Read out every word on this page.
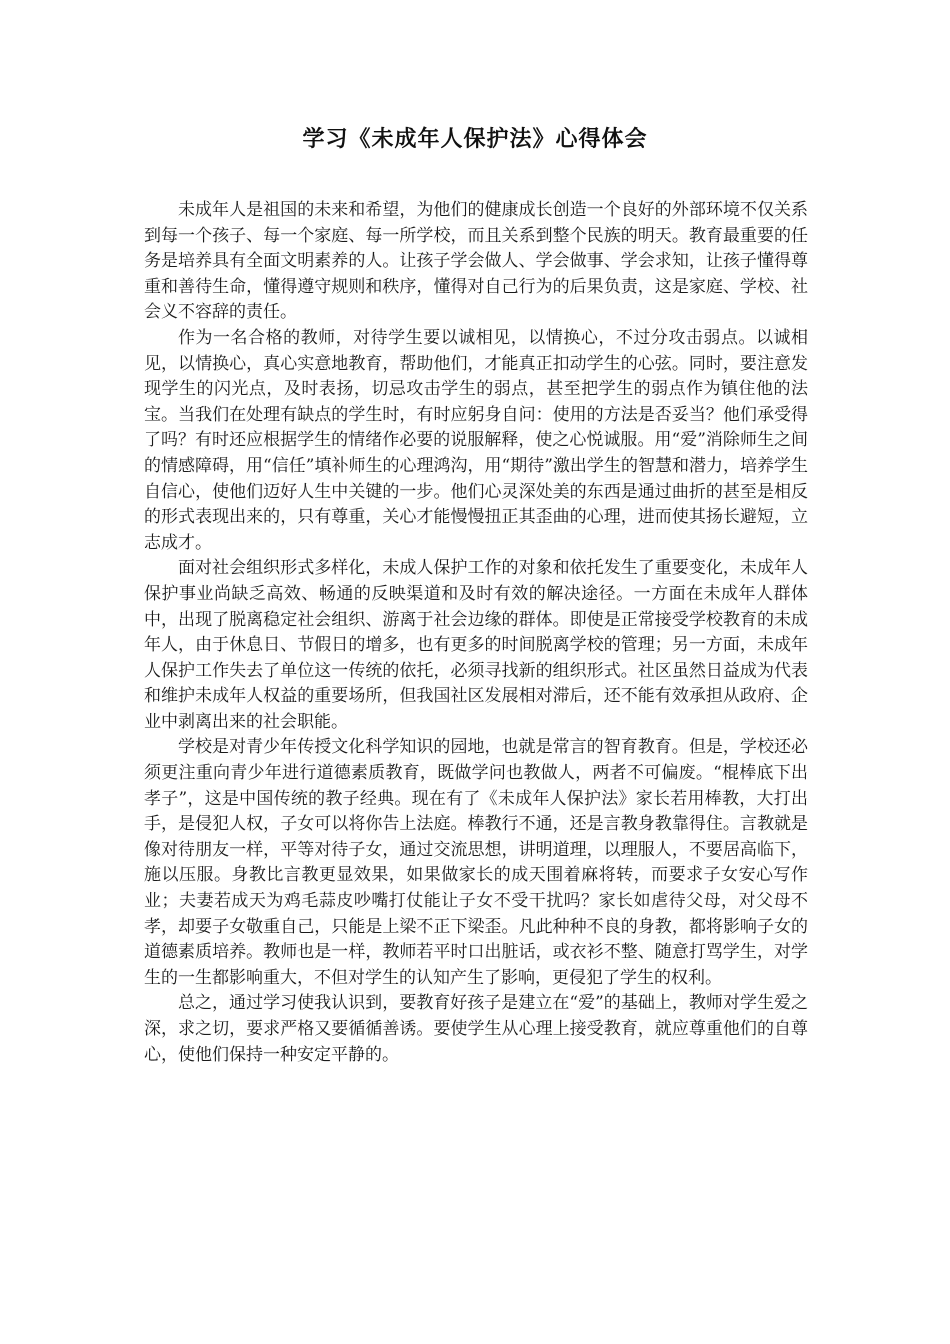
学习《未成年人保护法》心得体会

未成年人是祖国的未来和希望，为他们的健康成长创造一个良好的外部环境不仅关系到每一个孩子、每一个家庭、每一所学校，而且关系到整个民族的明天。教育最重要的任务是培养具有全面文明素养的人。让孩子学会做人、学会做事、学会求知，让孩子懂得尊重和善待生命，懂得遵守规则和秩序，懂得对自己行为的后果负责，这是家庭、学校、社会义不容辞的责任。

作为一名合格的教师，对待学生要以诚相见，以情换心，不过分攻击弱点。以诚相见，以情换心，真心实意地教育，帮助他们，才能真正扣动学生的心弦。同时，要注意发现学生的闪光点，及时表扬，切忌攻击学生的弱点，甚至把学生的弱点作为镇住他的法宝。当我们在处理有缺点的学生时，有时应躬身自问：使用的方法是否妥当？他们承受得了吗？有时还应根据学生的情绪作必要的说服解释，使之心悦诚服。用“爱”消除师生之间的情感障碍，用“信任”填补师生的心理鸿沟，用“期待”激出学生的智慧和潜力，培养学生自信心，使他们迈好人生中关键的一步。他们心灵深处美的东西是通过曲折的甚至是相反的形式表现出来的，只有尊重，关心才能慢慢扭正其歪曲的心理，进而使其扬长避短，立志成才。

面对社会组织形式多样化，未成人保护工作的对象和依托发生了重要变化，未成年人保护事业尚缺乏高效、畅通的反映渠道和及时有效的解决途径。一方面在未成年人群体中，出现了脱离稳定社会组织、游离于社会边缘的群体。即使是正常接受学校教育的未成年人，由于休息日、节假日的增多，也有更多的时间脱离学校的管理；另一方面，未成年人保护工作失去了单位这一传统的依托，必须寻找新的组织形式。社区虽然日益成为代表和维护未成年人权益的重要场所，但我国社区发展相对滞后，还不能有效承担从政府、企业中剥离出来的社会职能。

学校是对青少年传授文化科学知识的园地，也就是常言的智育教育。但是，学校还必须更注重向青少年进行道德素质教育，既做学问也教做人，两者不可偏废。“棍棒底下出孝子”，这是中国传统的教子经典。现在有了《未成年人保护法》家长若用棒教，大打出手，是侵犯人权，子女可以将你告上法庭。棒教行不通，还是言教身教靠得住。言教就是像对待朋友一样，平等对待子女，通过交流思想，讲明道理，以理服人，不要居高临下，施以压服。身教比言教更显效果，如果做家长的成天围着麻将转，而要求子女安心写作业；夫妻若成天为鸡毛蒜皮吵嘴打仗能让子女不受干扰吗？家长如虐待父母，对父母不孝，却要子女敬重自己，只能是上梁不正下梁歪。凡此种种不良的身教，都将影响子女的道德素质培养。教师也是一样，教师若平时口出脏话，或衣衫不整、随意打骂学生，对学生的一生都影响重大，不但对学生的认知产生了影响，更侵犯了学生的权利。

总之，通过学习使我认识到，要教育好孩子是建立在“爱”的基础上，教师对学生爱之深，求之切，要求严格又要循循善诱。要使学生从心理上接受教育，就应尊重他们的自尊心，使他们保持一种安定平静的。
